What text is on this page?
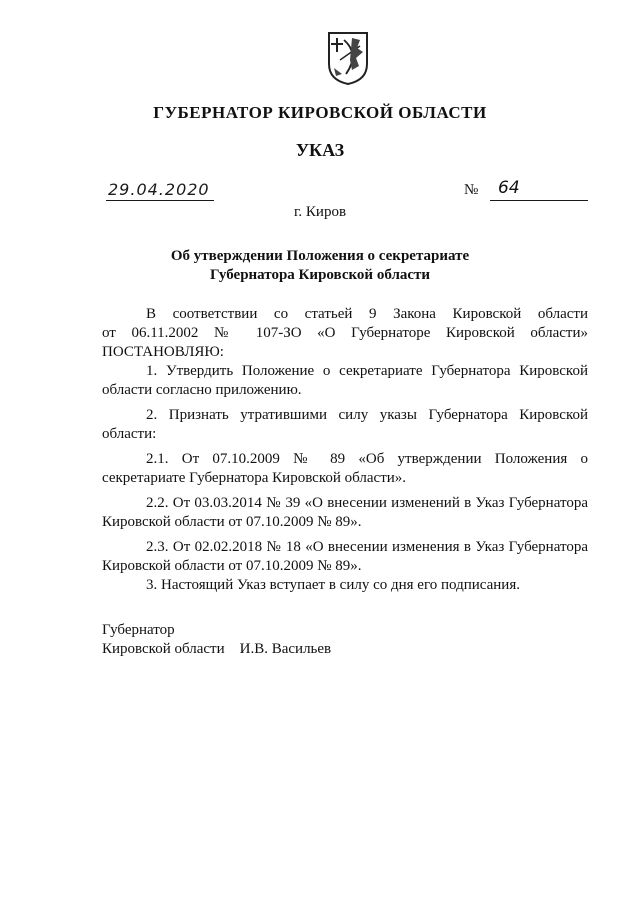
ГУБЕРНАТОР КИРОВСКОЙ ОБЛАСТИ
УКАЗ
29.04.2020	№ 64
г. Киров
Об утверждении Положения о секретариате
Губернатора Кировской области

В соответствии со статьей 9 Закона Кировской области

от 06.11.2002 № 107-ЗО «О Губернаторе Кировской области»

ПОСТАНОВЛЯЮ:

1. Утвердить Положение о секретариате Губернатора Кировской области согласно приложению.

2. Признать утратившими силу указы Губернатора Кировской области:

2.1. От 07.10.2009 № 89 «Об утверждении Положения о секретариате Губернатора Кировской области».

2.2. От 03.03.2014 № 39 «О внесении изменений в Указ Губернатора Кировской области от 07.10.2009 № 89».

2.3. От 02.02.2018 № 18 «О внесении изменения в Указ Губернатора Кировской области от 07.10.2009 № 89».

3. Настоящий Указ вступает в силу со дня его подписания.

Губернатор
Кировской области И.В. Васильев
